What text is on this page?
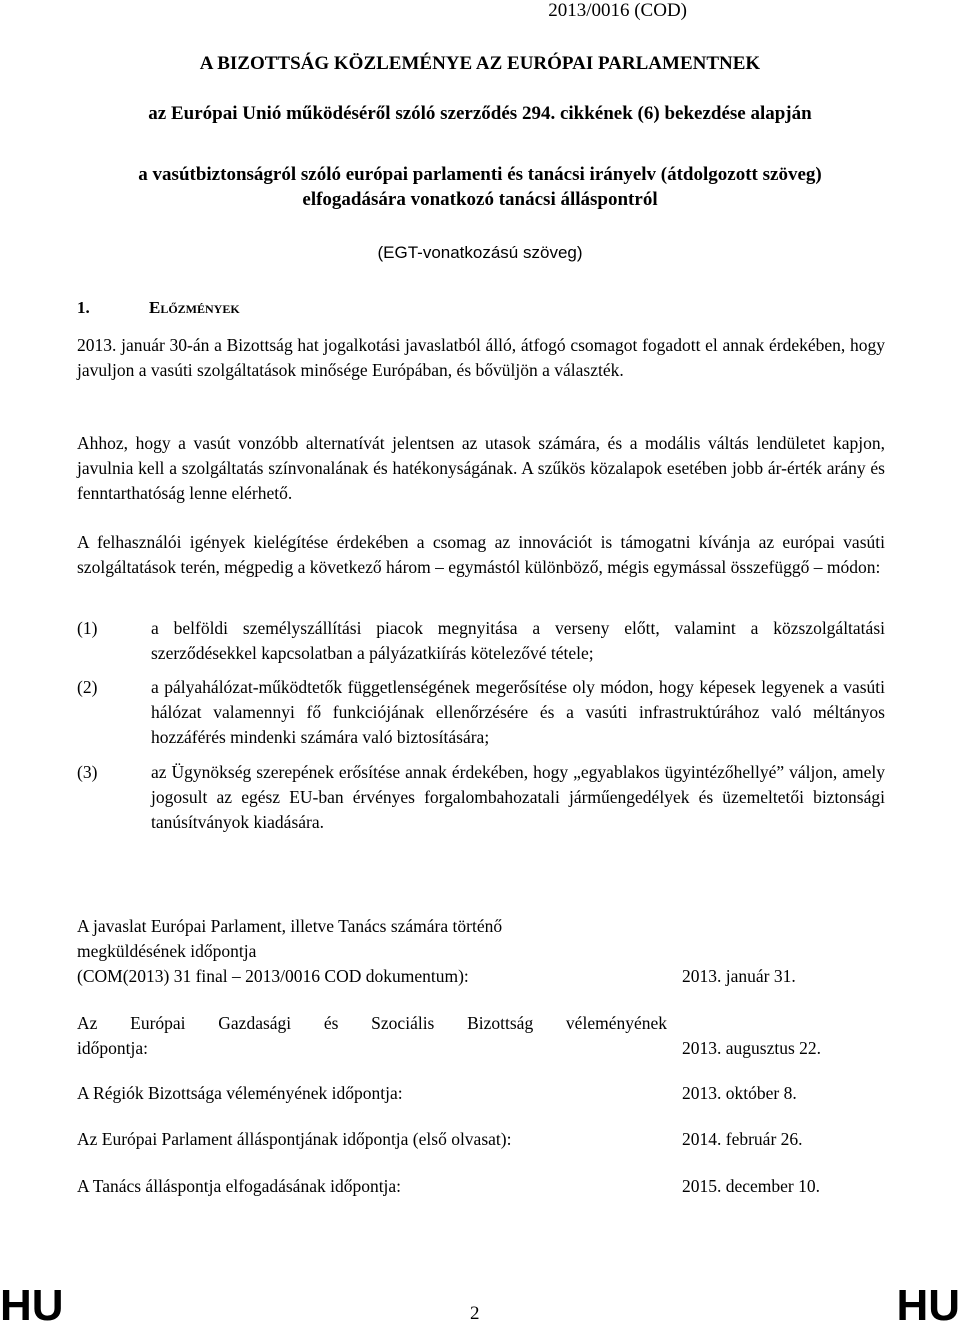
2013/0016 (COD)
A BIZOTTSÁG KÖZLEMÉNYE AZ EURÓPAI PARLAMENTNEK
az Európai Unió működéséről szóló szerződés 294. cikkének (6) bekezdése alapján
a vasútbiztonságról szóló európai parlamenti és tanácsi irányelv (átdolgozott szöveg)
elfogadására vonatkozó tanácsi álláspontról
(EGT-vonatkozású szöveg)
1.	Előzmények
2013. január 30-án a Bizottság hat jogalkotási javaslatból álló, átfogó csomagot fogadott el annak érdekében, hogy javuljon a vasúti szolgáltatások minősége Európában, és bővüljön a választék.
Ahhoz, hogy a vasút vonzóbb alternatívát jelentsen az utasok számára, és a modális váltás lendületet kapjon, javulnia kell a szolgáltatás színvonalának és hatékonyságának. A szűkös közalapok esetében jobb ár-érték arány és fenntarthatóság lenne elérhető.
A felhasználói igények kielégítése érdekében a csomag az innovációt is támogatni kívánja az európai vasúti szolgáltatások terén, mégpedig a következő három – egymástól különböző, mégis egymással összefüggő – módon:
(1)	a belföldi személyszállítási piacok megnyitása a verseny előtt, valamint a közszolgáltatási szerződésekkel kapcsolatban a pályázatkiírás kötelezővé tétele;
(2)	a pályahálózat-működtetők függetlenségének megerősítése oly módon, hogy képesek legyenek a vasúti hálózat valamennyi fő funkciójának ellenőrzésére és a vasúti infrastruktúrához való méltányos hozzáférés mindenki számára való biztosítására;
(3)	az Ügynökség szerepének erősítése annak érdekében, hogy „egyablakos ügyintézőhellyé” váljon, amely jogosult az egész EU-ban érvényes forgalombahozatali járműengedélyek és üzemeltetői biztonsági tanúsítványok kiadására.
A javaslat Európai Parlament, illetve Tanács számára történő
megküldésének időpontja
(COM(2013) 31 final – 2013/0016 COD dokumentum):	2013. január 31.
Az Európai Gazdasági és Szociális Bizottság véleményének
időpontja:	2013. augusztus 22.
A Régiók Bizottsága véleményének időpontja:	2013. október 8.
Az Európai Parlament álláspontjának időpontja (első olvasat):	2014. február 26.
A Tanács álláspontja elfogadásának időpontja:	2015. december 10.
HU	2	HU
